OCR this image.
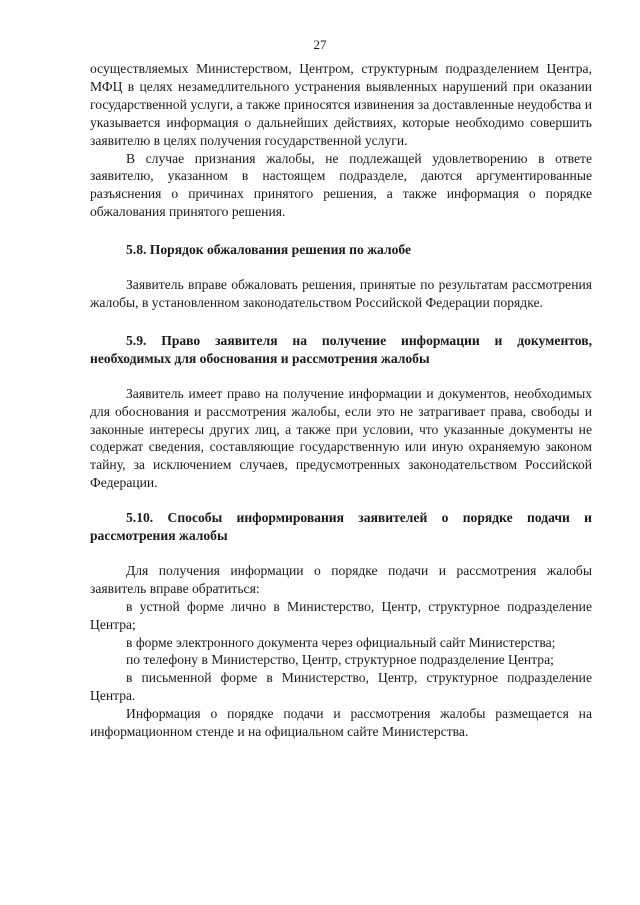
27

осуществляемых Министерством, Центром, структурным подразделением Центра, МФЦ в целях незамедлительного устранения выявленных нарушений при оказании государственной услуги, а также приносятся извинения за доставленные неудобства и указывается информация о дальнейших действиях, которые необходимо совершить заявителю в целях получения государственной услуги.

В случае признания жалобы, не подлежащей удовлетворению в ответе заявителю, указанном в настоящем подразделе, даются аргументированные разъяснения о причинах принятого решения, а также информация о порядке обжалования принятого решения.

5.8. Порядок обжалования решения по жалобе

Заявитель вправе обжаловать решения, принятые по результатам рассмотрения жалобы, в установленном законодательством Российской Федерации порядке.

5.9. Право заявителя на получение информации и документов, необходимых для обоснования и рассмотрения жалобы

Заявитель имеет право на получение информации и документов, необходимых для обоснования и рассмотрения жалобы, если это не затрагивает права, свободы и законные интересы других лиц, а также при условии, что указанные документы не содержат сведения, составляющие государственную или иную охраняемую законом тайну, за исключением случаев, предусмотренных законодательством Российской Федерации.

5.10. Способы информирования заявителей о порядке подачи и рассмотрения жалобы

Для получения информации о порядке подачи и рассмотрения жалобы заявитель вправе обратиться:

в устной форме лично в Министерство, Центр, структурное подразделение Центра;

в форме электронного документа через официальный сайт Министерства;

по телефону в Министерство, Центр, структурное подразделение Центра;

в письменной форме в Министерство, Центр, структурное подразделение Центра.

Информация о порядке подачи и рассмотрения жалобы размещается на информационном стенде и на официальном сайте Министерства.
